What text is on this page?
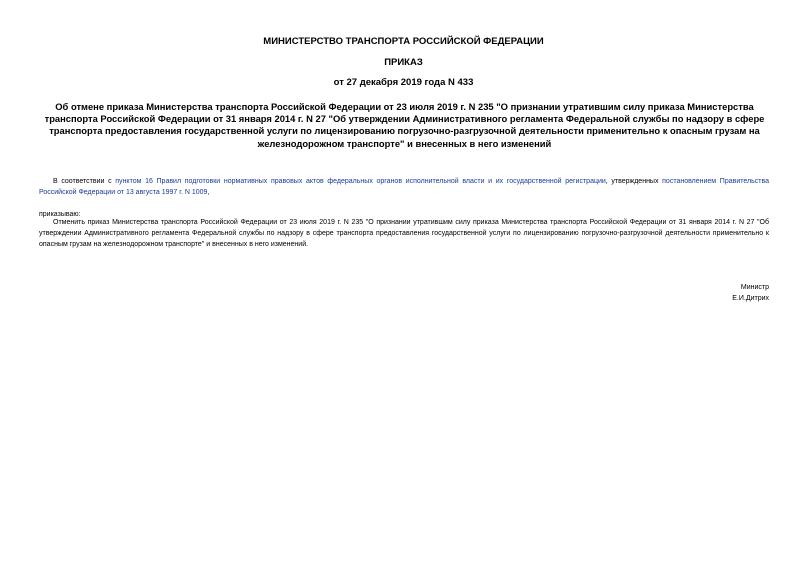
МИНИСТЕРСТВО ТРАНСПОРТА РОССИЙСКОЙ ФЕДЕРАЦИИ
ПРИКАЗ
от 27 декабря 2019 года N 433
Об отмене приказа Министерства транспорта Российской Федерации от 23 июля 2019 г. N 235 "О признании утратившим силу приказа Министерства транспорта Российской Федерации от 31 января 2014 г. N 27 "Об утверждении Административного регламента Федеральной службы по надзору в сфере транспорта предоставления государственной услуги по лицензированию погрузочно-разгрузочной деятельности применительно к опасным грузам на железнодорожном транспорте" и внесенных в него изменений
В соответствии с пунктом 16 Правил подготовки нормативных правовых актов федеральных органов исполнительной власти и их государственной регистрации, утвержденных постановлением Правительства Российской Федерации от 13 августа 1997 г. N 1009,
приказываю:
Отменить приказ Министерства транспорта Российской Федерации от 23 июля 2019 г. N 235 "О признании утратившим силу приказа Министерства транспорта Российской Федерации от 31 января 2014 г. N 27 "Об утверждении Административного регламента Федеральной службы по надзору в сфере транспорта предоставления государственной услуги по лицензированию погрузочно-разгрузочной деятельности применительно к опасным грузам на железнодорожном транспорте" и внесенных в него изменений.
Министр
Е.И.Дитрих
